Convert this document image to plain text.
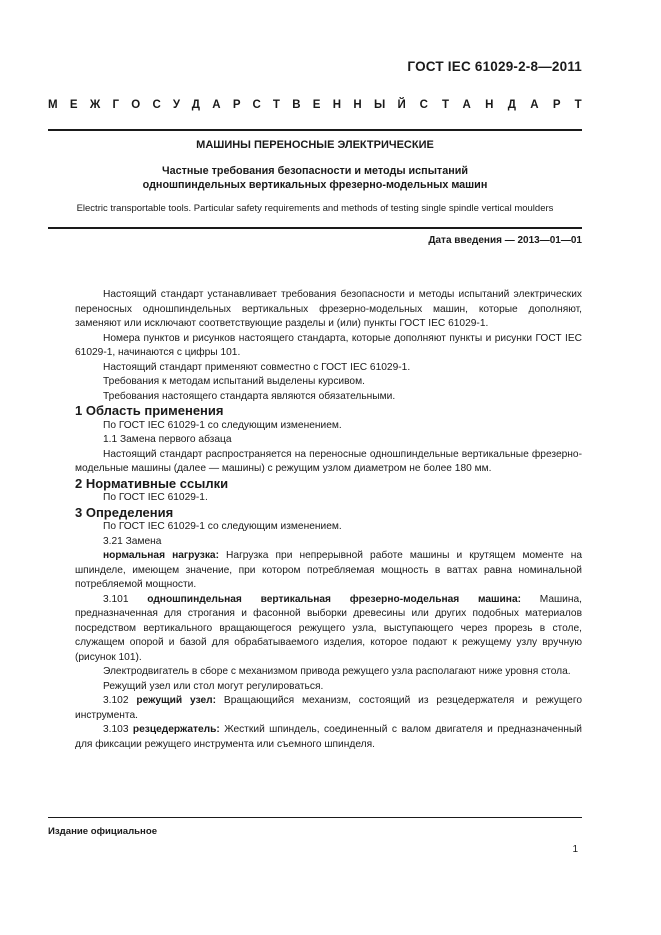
ГОСТ IEC 61029-2-8—2011
МЕЖГОСУДАРСТВЕННЫЙ СТАНДАРТ
МАШИНЫ ПЕРЕНОСНЫЕ ЭЛЕКТРИЧЕСКИЕ
Частные требования безопасности и методы испытаний
одношпиндельных вертикальных фрезерно-модельных машин
Electric transportable tools. Particular safety requirements and methods of testing single spindle vertical moulders
Дата введения — 2013—01—01

Настоящий стандарт устанавливает требования безопасности и методы испытаний электрических переносных одношпиндельных вертикальных фрезерно-модельных машин, которые дополняют, заменяют или исключают соответствующие разделы и (или) пункты ГОСТ IEC 61029-1.

Номера пунктов и рисунков настоящего стандарта, которые дополняют пункты и рисунки ГОСТ IEC 61029-1, начинаются с цифры 101.

Настоящий стандарт применяют совместно с ГОСТ IEC 61029-1.

Требования к методам испытаний выделены курсивом.

Требования настоящего стандарта являются обязательными.

1 Область применения

По ГОСТ IEC 61029-1 со следующим изменением.

1.1 Замена первого абзаца

Настоящий стандарт распространяется на переносные одношпиндельные вертикальные фрезерно-модельные машины (далее — машины) с режущим узлом диаметром не более 180 мм.

2 Нормативные ссылки

По ГОСТ IEC 61029-1.

3 Определения

По ГОСТ IEC 61029-1 со следующим изменением.

3.21 Замена

нормальная нагрузка: Нагрузка при непрерывной работе машины и крутящем моменте на шпинделе, имеющем значение, при котором потребляемая мощность в ваттах равна номинальной потребляемой мощности.

3.101 одношпиндельная вертикальная фрезерно-модельная машина: Машина, предназначенная для строгания и фасонной выборки древесины или других подобных материалов посредством вертикального вращающегося режущего узла, выступающего через прорезь в столе, служащем опорой и базой для обрабатываемого изделия, которое подают к режущему узлу вручную (рисунок 101).

Электродвигатель в сборе с механизмом привода режущего узла располагают ниже уровня стола.

Режущий узел или стол могут регулироваться.

3.102 режущий узел: Вращающийся механизм, состоящий из резцедержателя и режущего инструмента.

3.103 резцедержатель: Жесткий шпиндель, соединенный с валом двигателя и предназначенный для фиксации режущего инструмента или съемного шпинделя.

Издание официальное
1
